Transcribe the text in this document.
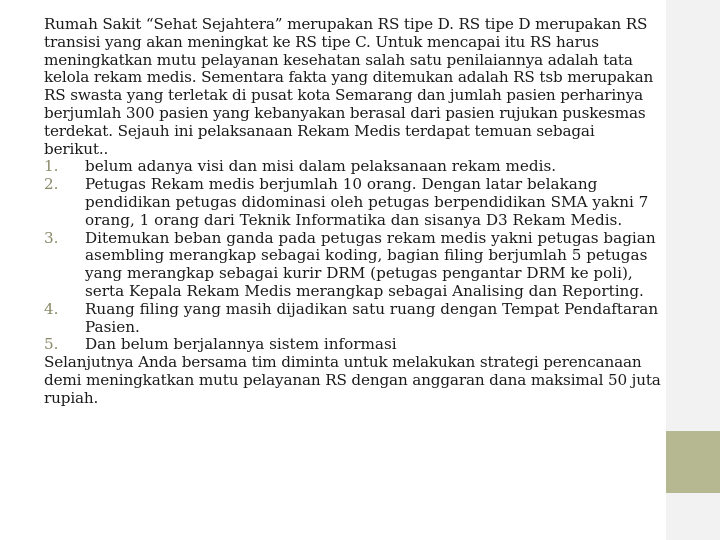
Rumah Sakit “Sehat Sejahtera” merupakan RS tipe D. RS tipe D merupakan RS transisi yang akan meningkat ke RS tipe C. Untuk mencapai itu RS harus meningkatkan mutu pelayanan kesehatan salah satu penilaiannya adalah tata kelola rekam medis. Sementara fakta yang ditemukan adalah RS tsb merupakan RS swasta yang terletak di pusat kota Semarang dan jumlah pasien perharinya berjumlah 300 pasien yang kebanyakan berasal dari pasien rujukan puskesmas terdekat. Sejauh ini pelaksanaan Rekam Medis terdapat temuan sebagai berikut..

1. belum adanya visi dan misi dalam pelaksanaan rekam medis.
2. Petugas Rekam medis berjumlah 10 orang. Dengan latar belakang pendidikan petugas didominasi oleh petugas berpendidikan SMA yakni 7 orang, 1 orang dari Teknik Informatika dan sisanya D3 Rekam Medis.
3. Ditemukan beban ganda pada petugas rekam medis yakni petugas bagian asembling merangkap sebagai koding, bagian filing berjumlah 5 petugas yang merangkap sebagai kurir DRM (petugas pengantar DRM ke poli), serta Kepala Rekam Medis merangkap sebagai Analising dan Reporting.
4. Ruang filing yang masih dijadikan satu ruang dengan Tempat Pendaftaran Pasien.
5. Dan belum berjalannya sistem informasi

Selanjutnya Anda bersama tim diminta untuk melakukan strategi perencanaan demi meningkatkan mutu pelayanan RS dengan anggaran dana maksimal 50 juta rupiah.
